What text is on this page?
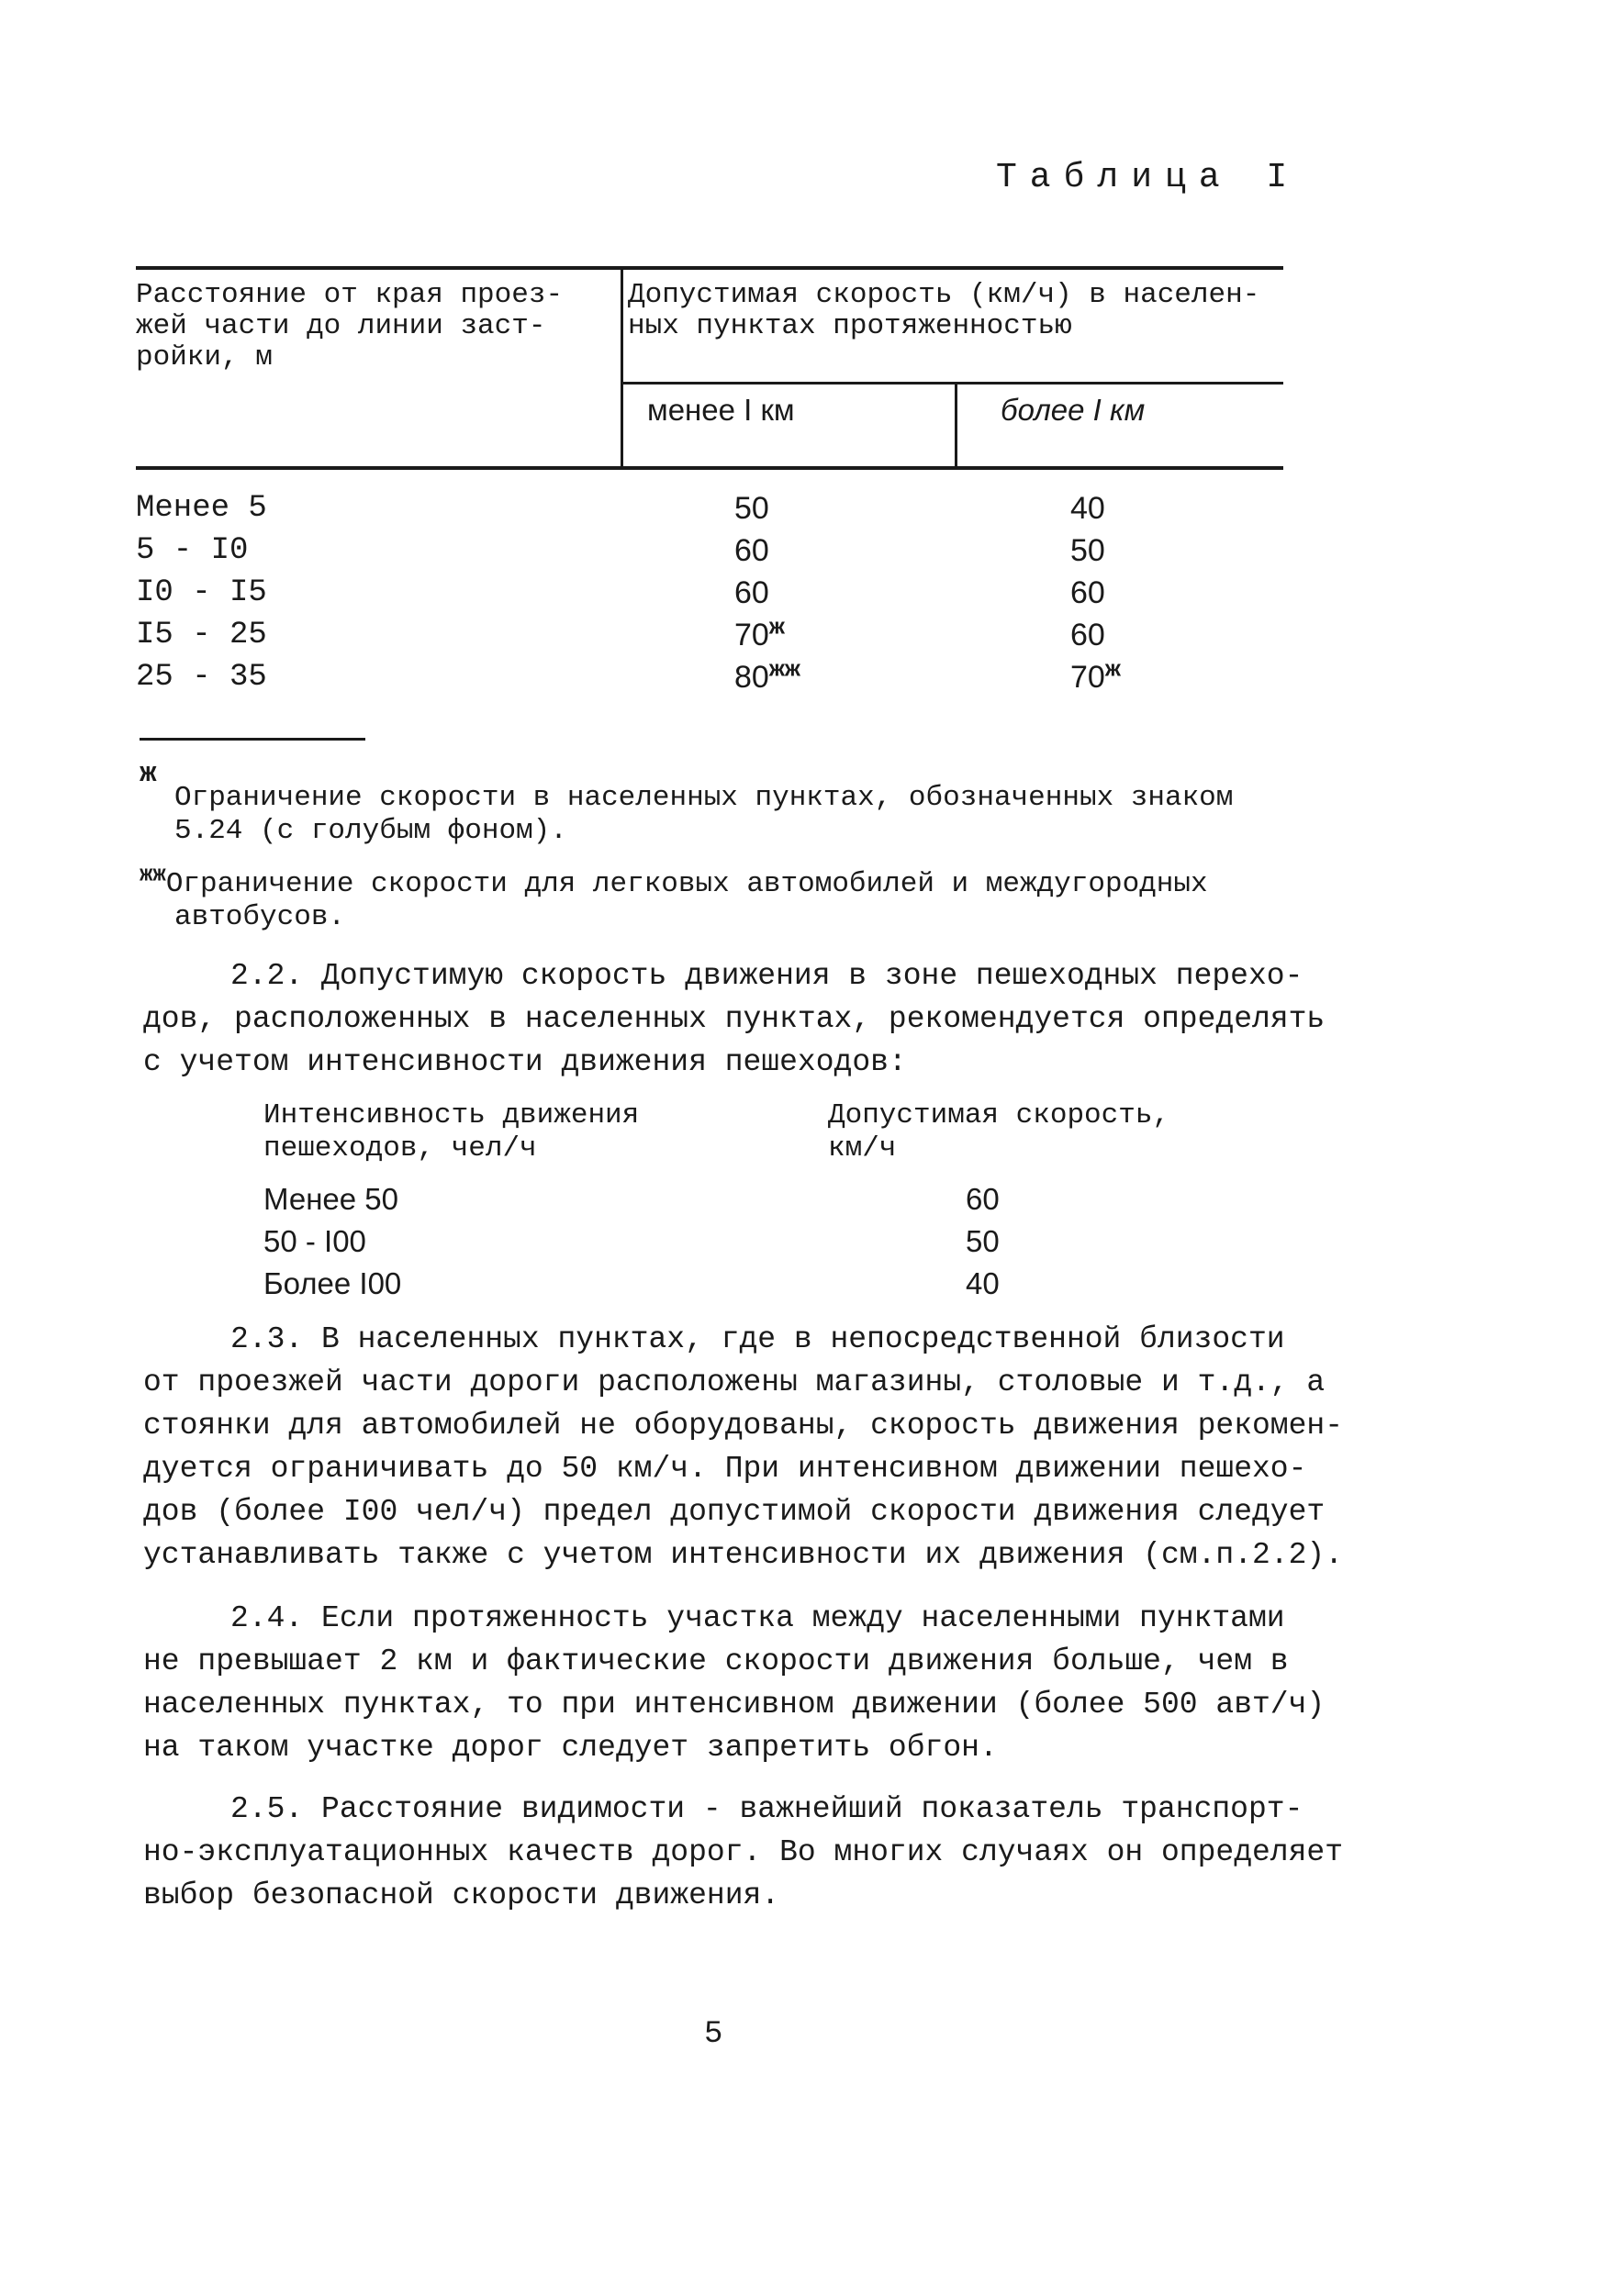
Таблица I
Расстояние от края проез-
жей части до линии заст-
ройки, м
Допустимая скорость (км/ч) в населен-
ных пунктах протяженностью
менее I км	более I км
Менее 5	50	40
5 - I0	60	50
I0 - I5	60	60
I5 - 25	$70^ж$	60
25 - 35	$80^{жж}$	$70^ж$
ж
Ограничение скорости в населенных пунктах, обозначенных знаком
5.24 (с голубым фоном).
$^{жж}$Ограничение скорости для легковых автомобилей и междугородных
автобусов.
2.2. Допустимую скорость движения в зоне пешеходных перехо-
дов, расположенных в населенных пунктах, рекомендуется определять
с учетом интенсивности движения пешеходов:
Интенсивность движения
пешеходов, чел/ч
Допустимая скорость,
км/ч
Менее 50	60
50 - I00	50
Более I00	40
2.3. В населенных пунктах, где в непосредственной близости
от проезжей части дороги расположены магазины, столовые и т.д., а
стоянки для автомобилей не оборудованы, скорость движения рекомен-
дуется ограничивать до 50 км/ч. При интенсивном движении пешехо-
дов (более I00 чел/ч) предел допустимой скорости движения следует
устанавливать также с учетом интенсивности их движения (см.п.2.2).
2.4. Если протяженность участка между населенными пунктами
не превышает 2 км и фактические скорости движения больше, чем в
населенных пунктах, то при интенсивном движении (более 500 авт/ч)
на таком участке дорог следует запретить обгон.
2.5. Расстояние видимости - важнейший показатель транспорт-
но-эксплуатационных качеств дорог. Во многих случаях он определяет
выбор безопасной скорости движения.
5
